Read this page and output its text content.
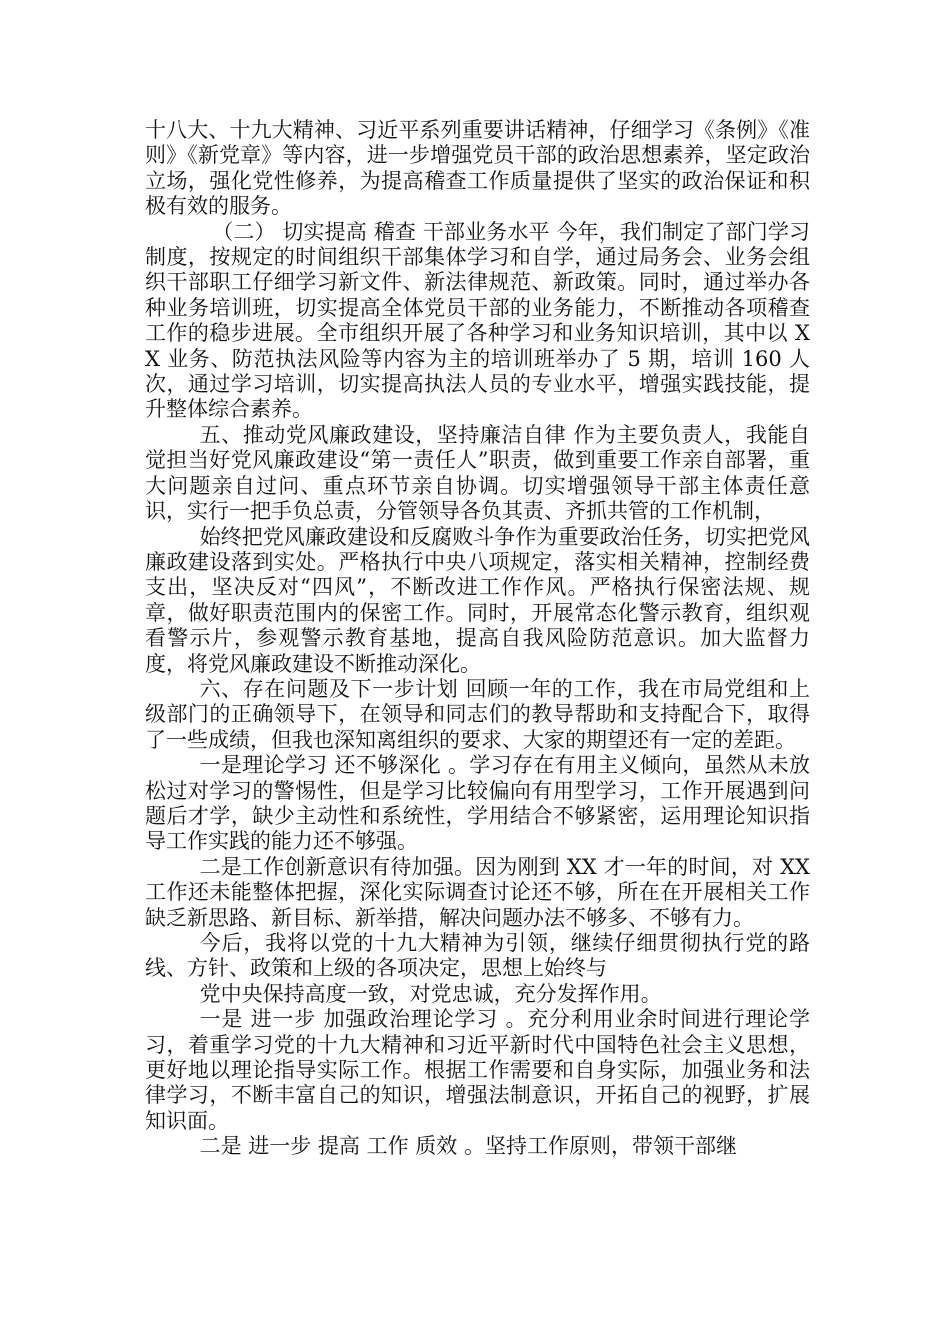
十八大、十九大精神、习近平系列重要讲话精神，仔细学习《条例》《准则》《新党章》等内容，进一步增强党员干部的政治思想素养，坚定政治立场，强化党性修养，为提高稽查工作质量提供了坚实的政治保证和积极有效的服务。

（二） 切实提高 稽查 干部业务水平 今年，我们制定了部门学习制度，按规定的时间组织干部集体学习和自学，通过局务会、业务会组织干部职工仔细学习新文件、新法律规范、新政策。同时，通过举办各种业务培训班，切实提高全体党员干部的业务能力，不断推动各项稽查工作的稳步进展。全市组织开展了各种学习和业务知识培训，其中以 XX 业务、防范执法风险等内容为主的培训班举办了 5 期，培训 160 人次，通过学习培训，切实提高执法人员的专业水平，增强实践技能，提升整体综合素养。

五、推动党风廉政建设，坚持廉洁自律 作为主要负责人，我能自觉担当好党风廉政建设“第一责任人”职责，做到重要工作亲自部署，重大问题亲自过问、重点环节亲自协调。切实增强领导干部主体责任意识，实行一把手负总责，分管领导各负其责、齐抓共管的工作机制，

始终把党风廉政建设和反腐败斗争作为重要政治任务，切实把党风廉政建设落到实处。严格执行中央八项规定，落实相关精神，控制经费支出，坚决反对“四风”，不断改进工作作风。严格执行保密法规、规章，做好职责范围内的保密工作。同时，开展常态化警示教育，组织观看警示片，参观警示教育基地，提高自我风险防范意识。加大监督力度，将党风廉政建设不断推动深化。

六、存在问题及下一步计划 回顾一年的工作，我在市局党组和上级部门的正确领导下，在领导和同志们的教导帮助和支持配合下，取得了一些成绩，但我也深知离组织的要求、大家的期望还有一定的差距。

一是理论学习 还不够深化 。学习存在有用主义倾向，虽然从未放松过对学习的警惕性，但是学习比较偏向有用型学习，工作开展遇到问题后才学，缺少主动性和系统性，学用结合不够紧密，运用理论知识指导工作实践的能力还不够强。

二是工作创新意识有待加强。因为刚到 XX 才一年的时间，对 XX 工作还未能整体把握，深化实际调查讨论还不够，所在在开展相关工作缺乏新思路、新目标、新举措，解决问题办法不够多、不够有力。

今后，我将以党的十九大精神为引领，继续仔细贯彻执行党的路线、方针、政策和上级的各项决定，思想上始终与

党中央保持高度一致，对党忠诚，充分发挥作用。

一是 进一步 加强政治理论学习 。充分利用业余时间进行理论学习，着重学习党的十九大精神和习近平新时代中国特色社会主义思想，更好地以理论指导实际工作。根据工作需要和自身实际，加强业务和法律学习，不断丰富自己的知识，增强法制意识，开拓自己的视野，扩展知识面。

二是 进一步 提高 工作 质效 。坚持工作原则，带领干部继
